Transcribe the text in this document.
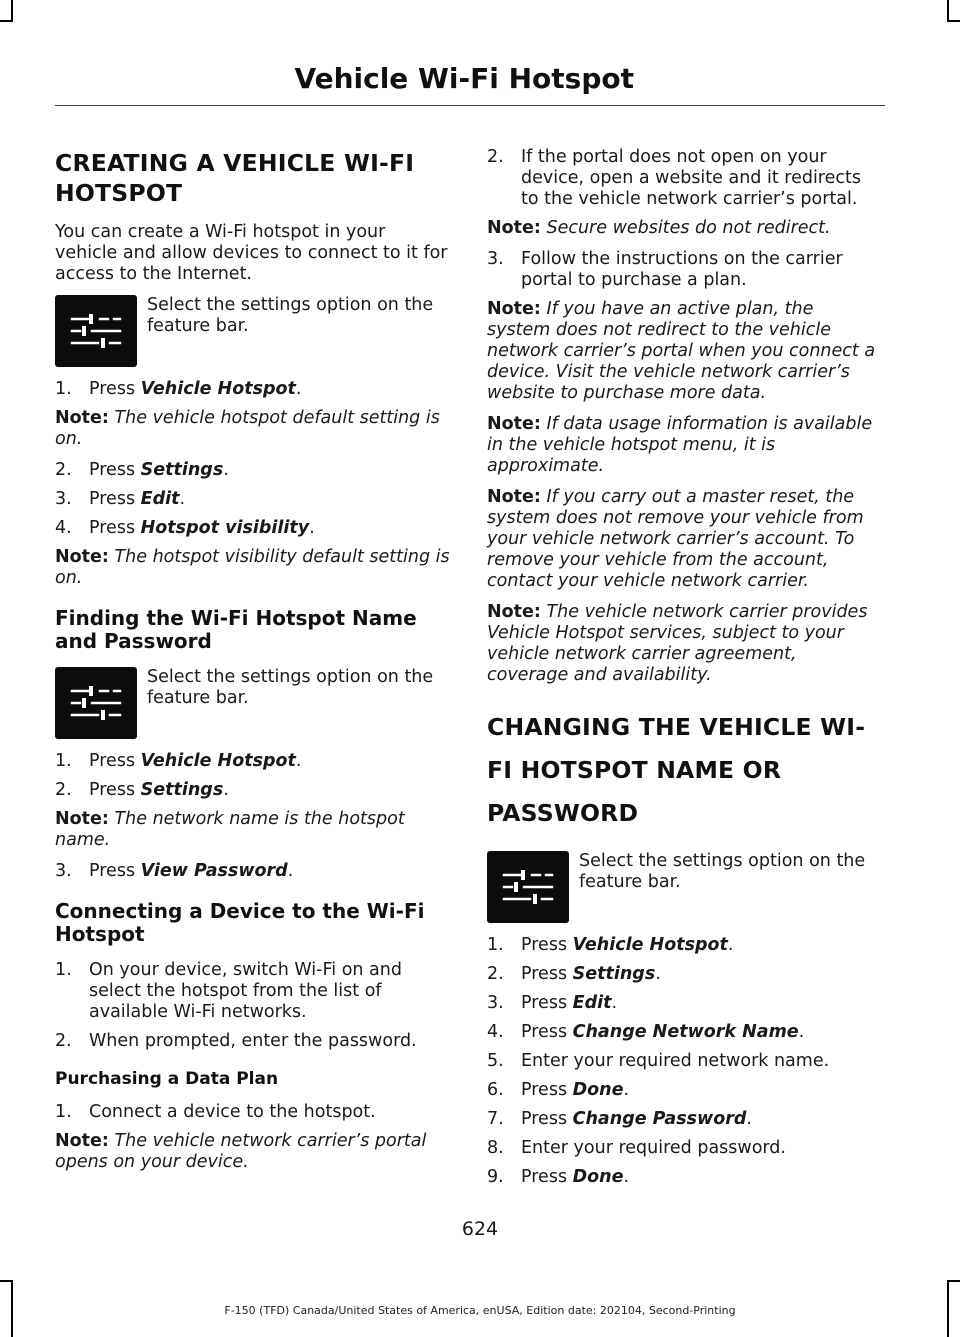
Vehicle Wi-Fi Hotspot
CREATING A VEHICLE WI-FI HOTSPOT
You can create a Wi-Fi hotspot in your vehicle and allow devices to connect to it for access to the Internet.
Select the settings option on the feature bar.
1. Press Vehicle Hotspot.
Note: The vehicle hotspot default setting is on.
2. Press Settings.
3. Press Edit.
4. Press Hotspot visibility.
Note: The hotspot visibility default setting is on.
Finding the Wi-Fi Hotspot Name and Password
Select the settings option on the feature bar.
1. Press Vehicle Hotspot.
2. Press Settings.
Note: The network name is the hotspot name.
3. Press View Password.
Connecting a Device to the Wi-Fi Hotspot
1. On your device, switch Wi-Fi on and select the hotspot from the list of available Wi-Fi networks.
2. When prompted, enter the password.
Purchasing a Data Plan
1. Connect a device to the hotspot.
Note: The vehicle network carrier’s portal opens on your device.
2. If the portal does not open on your device, open a website and it redirects to the vehicle network carrier’s portal.
Note: Secure websites do not redirect.
3. Follow the instructions on the carrier portal to purchase a plan.
Note: If you have an active plan, the system does not redirect to the vehicle network carrier’s portal when you connect a device. Visit the vehicle network carrier’s website to purchase more data.
Note: If data usage information is available in the vehicle hotspot menu, it is approximate.
Note: If you carry out a master reset, the system does not remove your vehicle from your vehicle network carrier’s account. To remove your vehicle from the account, contact your vehicle network carrier.
Note: The vehicle network carrier provides Vehicle Hotspot services, subject to your vehicle network carrier agreement, coverage and availability.
CHANGING THE VEHICLE WI-FI HOTSPOT NAME OR PASSWORD
Select the settings option on the feature bar.
1. Press Vehicle Hotspot.
2. Press Settings.
3. Press Edit.
4. Press Change Network Name.
5. Enter your required network name.
6. Press Done.
7. Press Change Password.
8. Enter your required password.
9. Press Done.
624
F-150 (TFD) Canada/United States of America, enUSA, Edition date: 202104, Second-Printing
